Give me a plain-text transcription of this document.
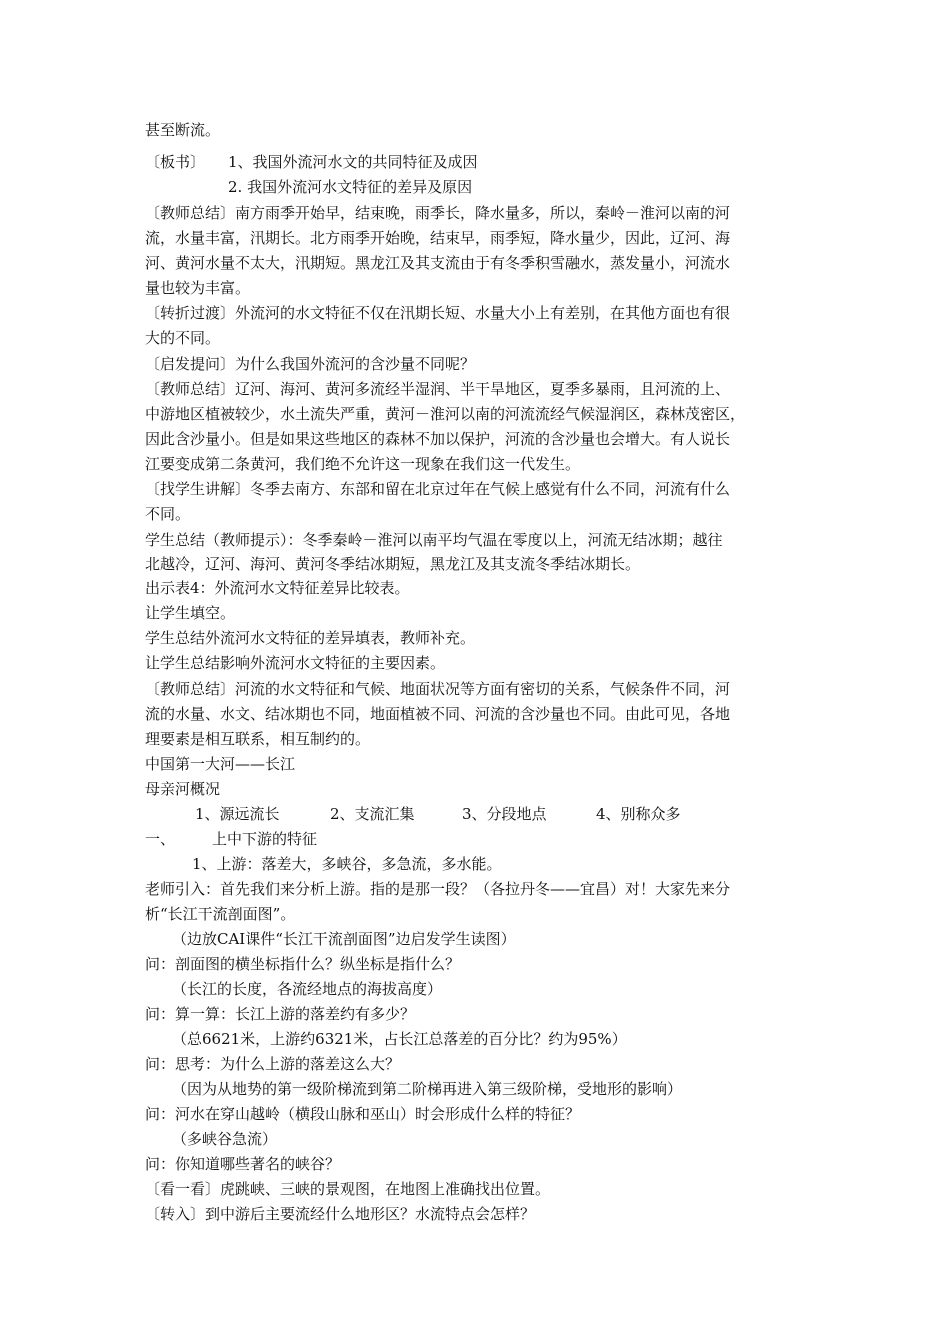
甚至断流。
〔板书〕 1、我国外流河水文的共同特征及成因
2. 我国外流河水文特征的差异及原因
〔教师总结〕南方雨季开始早，结束晚，雨季长，降水量多，所以，秦岭－淮河以南的河
流，水量丰富，汛期长。北方雨季开始晚，结束早，雨季短，降水量少，因此，辽河、海
河、黄河水量不太大，汛期短。黑龙江及其支流由于有冬季积雪融水，蒸发量小，河流水
量也较为丰富。
〔转折过渡〕外流河的水文特征不仅在汛期长短、水量大小上有差别，在其他方面也有很
大的不同。
〔启发提问〕为什么我国外流河的含沙量不同呢？
〔教师总结〕辽河、海河、黄河多流经半湿润、半干旱地区，夏季多暴雨，且河流的上、
中游地区植被较少，水土流失严重，黄河－淮河以南的河流流经气候湿润区，森林茂密区，
因此含沙量小。但是如果这些地区的森林不加以保护，河流的含沙量也会增大。有人说长
江要变成第二条黄河，我们绝不允许这一现象在我们这一代发生。
〔找学生讲解〕冬季去南方、东部和留在北京过年在气候上感觉有什么不同，河流有什么
不同。
学生总结（教师提示）：冬季秦岭－淮河以南平均气温在零度以上，河流无结冰期；越往
北越冷，辽河、海河、黄河冬季结冰期短，黑龙江及其支流冬季结冰期长。
出示表4：外流河水文特征差异比较表。
让学生填空。
学生总结外流河水文特征的差异填表，教师补充。
让学生总结影响外流河水文特征的主要因素。
〔教师总结〕河流的水文特征和气候、地面状况等方面有密切的关系，气候条件不同，河
流的水量、水文、结冰期也不同，地面植被不同、河流的含沙量也不同。由此可见，各地
理要素是相互联系，相互制约的。
中国第一大河——长江
母亲河概况
1、源远流长	2、支流汇集	3、分段地点	4、别称众多
一、 上中下游的特征
1、上游：落差大，多峡谷，多急流，多水能。
老师引入：首先我们来分析上游。指的是那一段？（各拉丹冬——宜昌）对！大家先来分
析“长江干流剖面图”。
（边放CAI课件“长江干流剖面图”边启发学生读图）
问：剖面图的横坐标指什么？纵坐标是指什么？
（长江的长度，各流经地点的海拔高度）
问：算一算：长江上游的落差约有多少？
（总6621米，上游约6321米，占长江总落差的百分比？约为95%）
问：思考：为什么上游的落差这么大？
（因为从地势的第一级阶梯流到第二阶梯再进入第三级阶梯，受地形的影响）
问：河水在穿山越岭（横段山脉和巫山）时会形成什么样的特征？
（多峡谷急流）
问：你知道哪些著名的峡谷？
〔看一看〕虎跳峡、三峡的景观图，在地图上准确找出位置。
〔转入〕到中游后主要流经什么地形区？水流特点会怎样？
